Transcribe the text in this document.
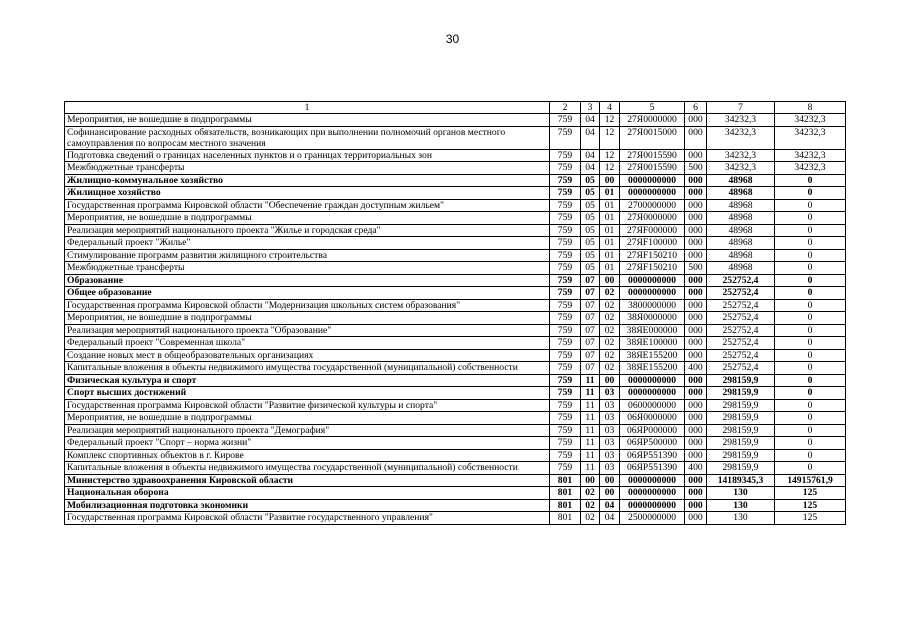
30
1	2	3	4	5	6	7	8
Мероприятия, не вошедшие в подпрограммы	759	04	12	27Я0000000	000	34232,3	34232,3
Софинансирование расходных обязательств, возникающих при выполнении полномочий органов местного самоуправления по вопросам местного значения	759	04	12	27Я0015000	000	34232,3	34232,3
Подготовка сведений о границах населенных пунктов и о границах территориальных зон	759	04	12	27Я0015590	000	34232,3	34232,3
Межбюджетные трансферты	759	04	12	27Я0015590	500	34232,3	34232,3
Жилищно-коммунальное хозяйство	759	05	00	0000000000	000	48968	0
Жилищное хозяйство	759	05	01	0000000000	000	48968	0
Государственная программа Кировской области "Обеспечение граждан доступным жильем"	759	05	01	2700000000	000	48968	0
Мероприятия, не вошедшие в подпрограммы	759	05	01	27Я0000000	000	48968	0
Реализация мероприятий национального проекта "Жилье и городская среда"	759	05	01	27ЯF000000	000	48968	0
Федеральный проект "Жилье"	759	05	01	27ЯF100000	000	48968	0
Стимулирование программ развития жилищного строительства	759	05	01	27ЯF150210	000	48968	0
Межбюджетные трансферты	759	05	01	27ЯF150210	500	48968	0
Образование	759	07	00	0000000000	000	252752,4	0
Общее образование	759	07	02	0000000000	000	252752,4	0
Государственная программа Кировской области "Модернизация школьных систем образования"	759	07	02	3800000000	000	252752,4	0
Мероприятия, не вошедшие в подпрограммы	759	07	02	38Я0000000	000	252752,4	0
Реализация мероприятий национального проекта "Образование"	759	07	02	38ЯЕ000000	000	252752,4	0
Федеральный проект "Современная школа"	759	07	02	38ЯЕ100000	000	252752,4	0
Создание новых мест в общеобразовательных организациях	759	07	02	38ЯЕ155200	000	252752,4	0
Капитальные вложения в объекты недвижимого имущества государственной (муниципальной) собственности	759	07	02	38ЯЕ155200	400	252752,4	0
Физическая культура и спорт	759	11	00	0000000000	000	298159,9	0
Спорт высших достижений	759	11	03	0000000000	000	298159,9	0
Государственная программа Кировской области "Развитие физической культуры и спорта"	759	11	03	0600000000	000	298159,9	0
Мероприятия, не вошедшие в подпрограммы	759	11	03	06Я0000000	000	298159,9	0
Реализация мероприятий национального проекта "Демография"	759	11	03	06ЯР000000	000	298159,9	0
Федеральный проект "Спорт – норма жизни"	759	11	03	06ЯР500000	000	298159,9	0
Комплекс спортивных объектов в г. Кирове	759	11	03	06ЯР551390	000	298159,9	0
Капитальные вложения в объекты недвижимого имущества государственной (муниципальной) собственности	759	11	03	06ЯР551390	400	298159,9	0
Министерство здравоохранения Кировской области	801	00	00	0000000000	000	14189345,3	14915761,9
Национальная оборона	801	02	00	0000000000	000	130	125
Мобилизационная подготовка экономики	801	02	04	0000000000	000	130	125
Государственная программа Кировской области "Развитие государственного управления"	801	02	04	2500000000	000	130	125
